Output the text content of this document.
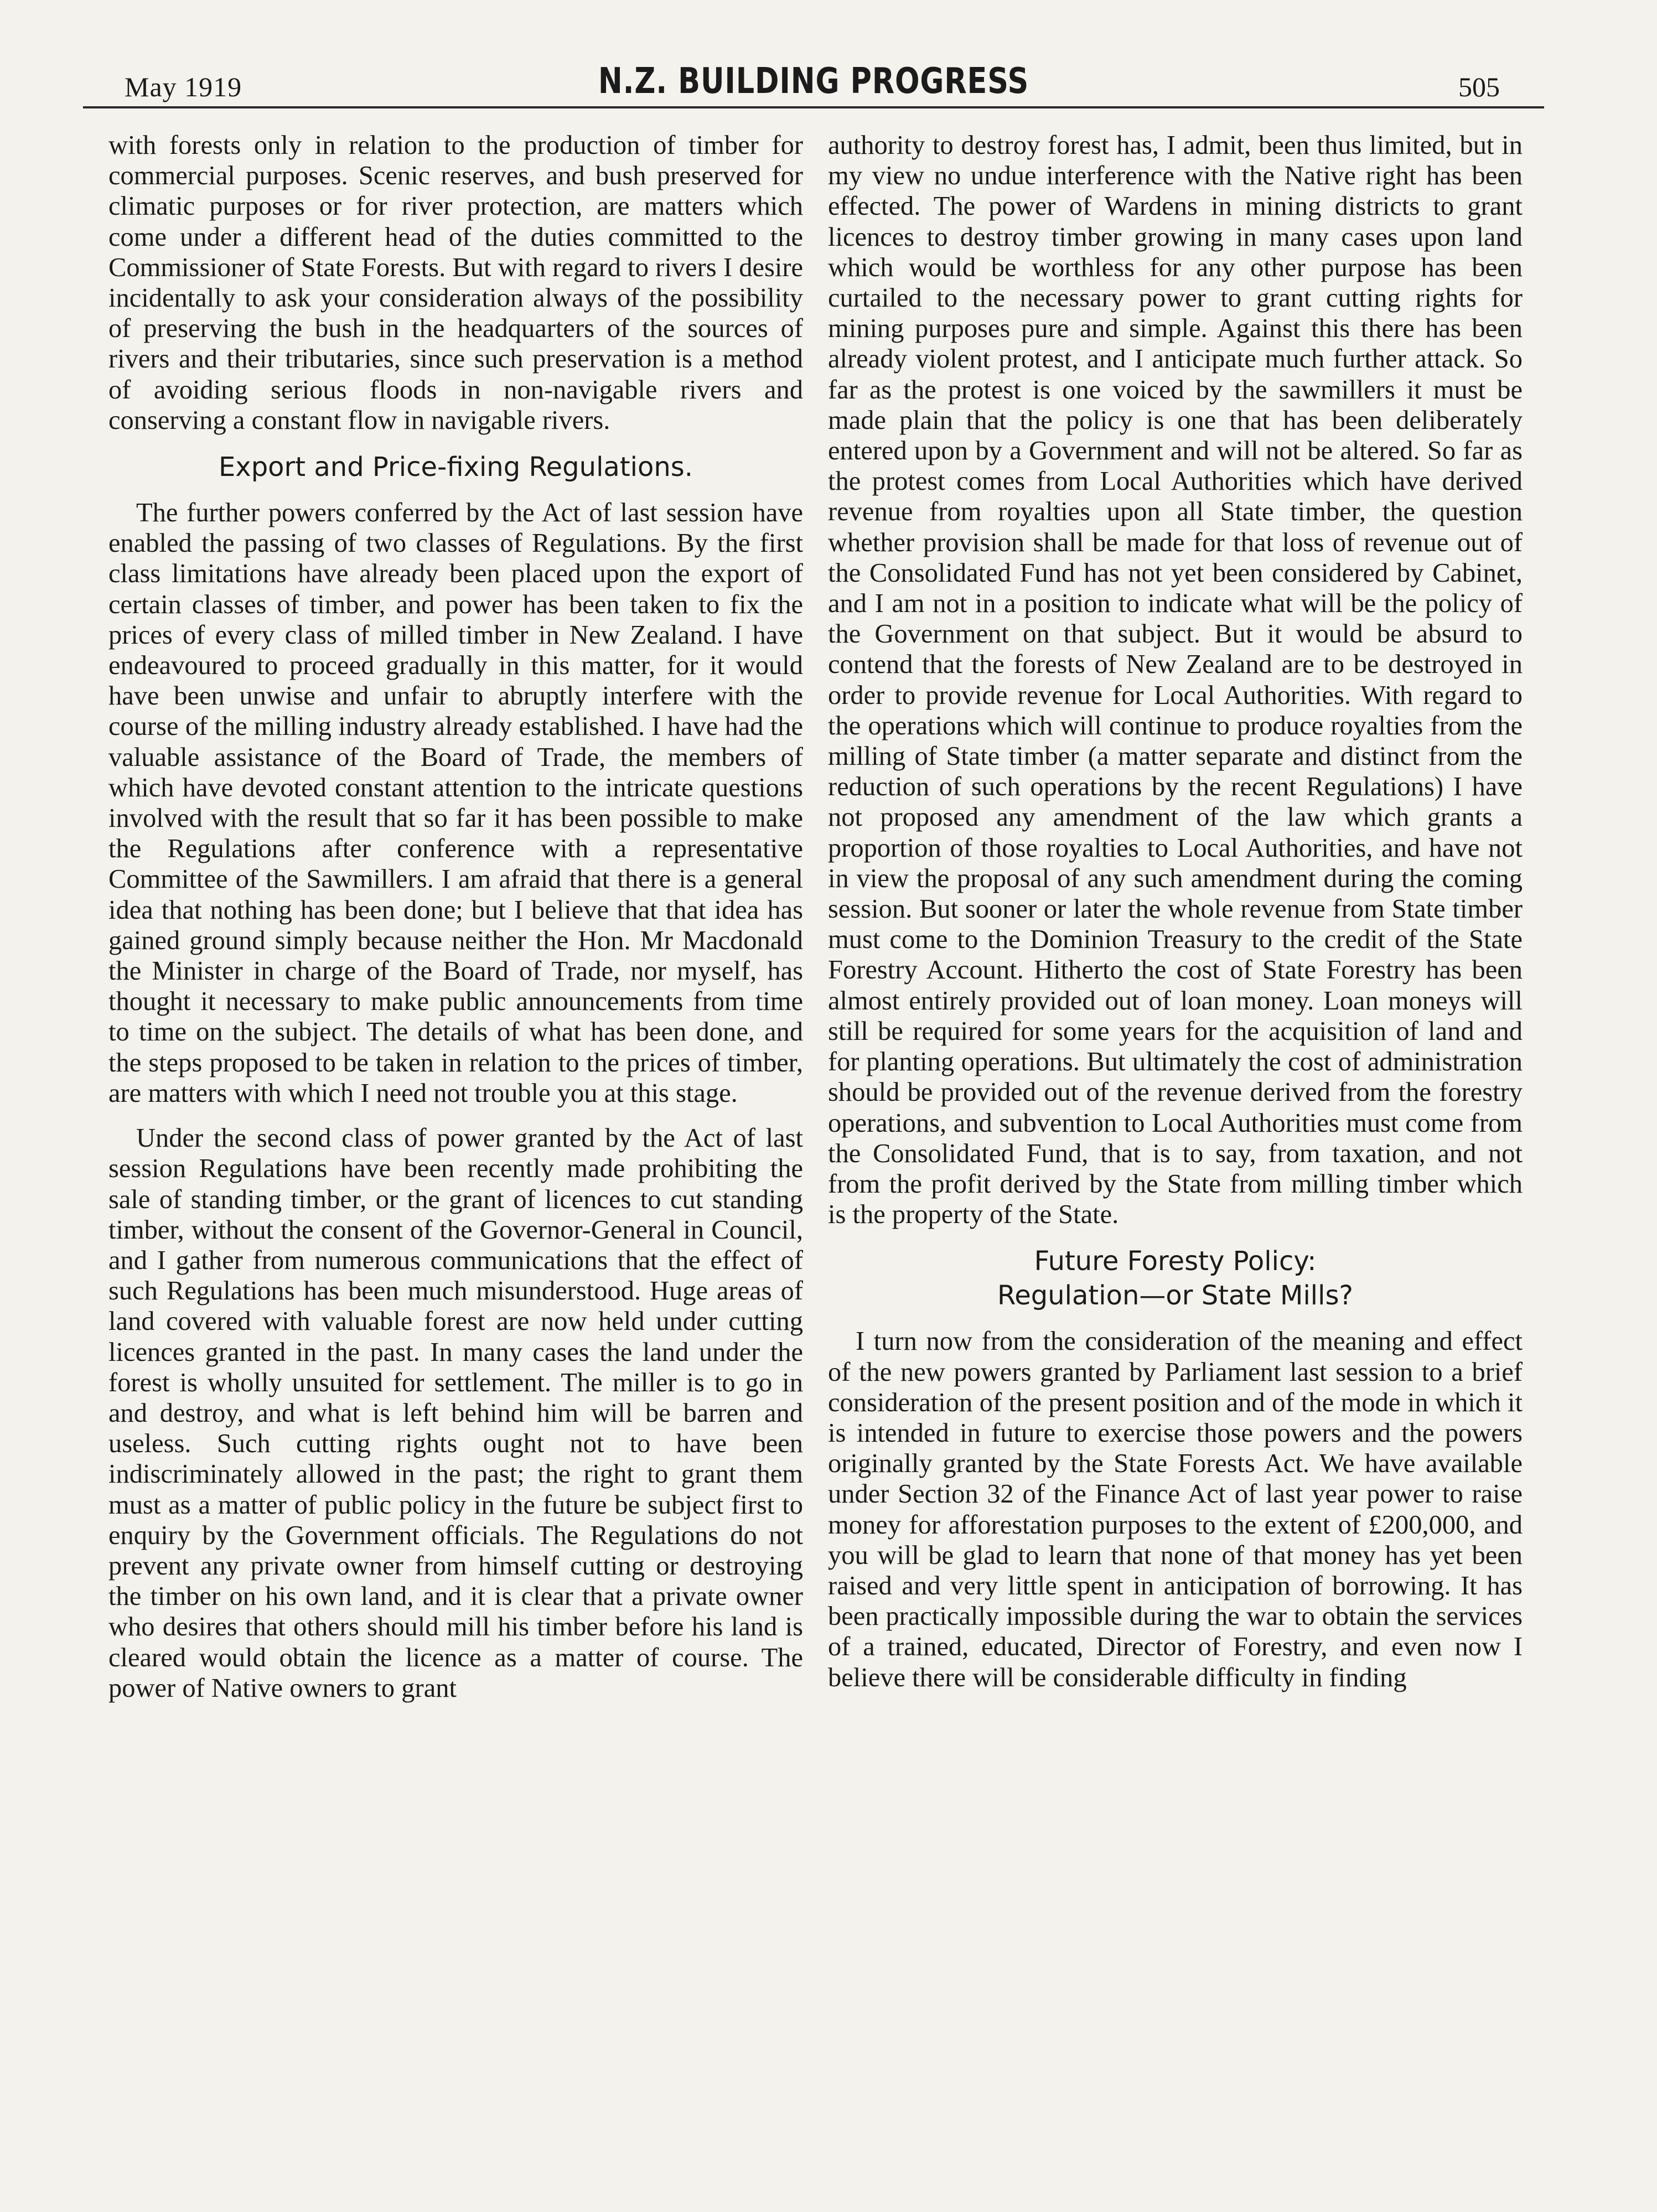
May 1919	N.Z. BUILDING PROGRESS	505

with forests only in relation to the production of timber for commercial purposes. Scenic reserves, and bush preserved for climatic purposes or for river protection, are matters which come under a different head of the duties committed to the Commissioner of State Forests. But with regard to rivers I desire incidentally to ask your consideration always of the possibility of preserving the bush in the headquarters of the sources of rivers and their tributaries, since such preservation is a method of avoiding serious floods in non-navigable rivers and conserving a constant flow in navigable rivers.

Export and Price-fixing Regulations.

The further powers conferred by the Act of last session have enabled the passing of two classes of Regulations. By the first class limitations have already been placed upon the export of certain classes of timber, and power has been taken to fix the prices of every class of milled timber in New Zealand. I have endeavoured to proceed gradually in this matter, for it would have been unwise and unfair to abruptly interfere with the course of the milling industry already established. I have had the valuable assistance of the Board of Trade, the members of which have devoted constant attention to the intricate questions involved with the result that so far it has been possible to make the Regulations after conference with a representative Committee of the Sawmillers. I am afraid that there is a general idea that nothing has been done; but I believe that that idea has gained ground simply because neither the Hon. Mr Macdonald the Minister in charge of the Board of Trade, nor myself, has thought it necessary to make public announcements from time to time on the subject. The details of what has been done, and the steps proposed to be taken in relation to the prices of timber, are matters with which I need not trouble you at this stage.

Under the second class of power granted by the Act of last session Regulations have been recently made prohibiting the sale of standing timber, or the grant of licences to cut standing timber, without the consent of the Governor-General in Council, and I gather from numerous communications that the effect of such Regulations has been much misunderstood. Huge areas of land covered with valuable forest are now held under cutting licences granted in the past. In many cases the land under the forest is wholly unsuited for settlement. The miller is to go in and destroy, and what is left behind him will be barren and useless. Such cutting rights ought not to have been indiscriminately allowed in the past; the right to grant them must as a matter of public policy in the future be subject first to enquiry by the Government officials. The Regulations do not prevent any private owner from himself cutting or destroying the timber on his own land, and it is clear that a private owner who desires that others should mill his timber before his land is cleared would obtain the licence as a matter of course. The power of Native owners to grant

authority to destroy forest has, I admit, been thus limited, but in my view no undue interference with the Native right has been effected. The power of Wardens in mining districts to grant licences to destroy timber growing in many cases upon land which would be worthless for any other purpose has been curtailed to the necessary power to grant cutting rights for mining purposes pure and simple. Against this there has been already violent protest, and I anticipate much further attack. So far as the protest is one voiced by the sawmillers it must be made plain that the policy is one that has been deliberately entered upon by a Government and will not be altered. So far as the protest comes from Local Authorities which have derived revenue from royalties upon all State timber, the question whether provision shall be made for that loss of revenue out of the Consolidated Fund has not yet been considered by Cabinet, and I am not in a position to indicate what will be the policy of the Government on that subject. But it would be absurd to contend that the forests of New Zealand are to be destroyed in order to provide revenue for Local Authorities. With regard to the operations which will continue to produce royalties from the milling of State timber (a matter separate and distinct from the reduction of such operations by the recent Regulations) I have not proposed any amendment of the law which grants a proportion of those royalties to Local Authorities, and have not in view the proposal of any such amendment during the coming session. But sooner or later the whole revenue from State timber must come to the Dominion Treasury to the credit of the State Forestry Account. Hitherto the cost of State Forestry has been almost entirely provided out of loan money. Loan moneys will still be required for some years for the acquisition of land and for planting operations. But ultimately the cost of administration should be provided out of the revenue derived from the forestry operations, and subvention to Local Authorities must come from the Consolidated Fund, that is to say, from taxation, and not from the profit derived by the State from milling timber which is the property of the State.

Future Foresty Policy:
Regulation—or State Mills?

I turn now from the consideration of the meaning and effect of the new powers granted by Parliament last session to a brief consideration of the present position and of the mode in which it is intended in future to exercise those powers and the powers originally granted by the State Forests Act. We have available under Section 32 of the Finance Act of last year power to raise money for afforestation purposes to the extent of £200,000, and you will be glad to learn that none of that money has yet been raised and very little spent in anticipation of borrowing. It has been practically impossible during the war to obtain the services of a trained, educated, Director of Forestry, and even now I believe there will be considerable difficulty in finding
